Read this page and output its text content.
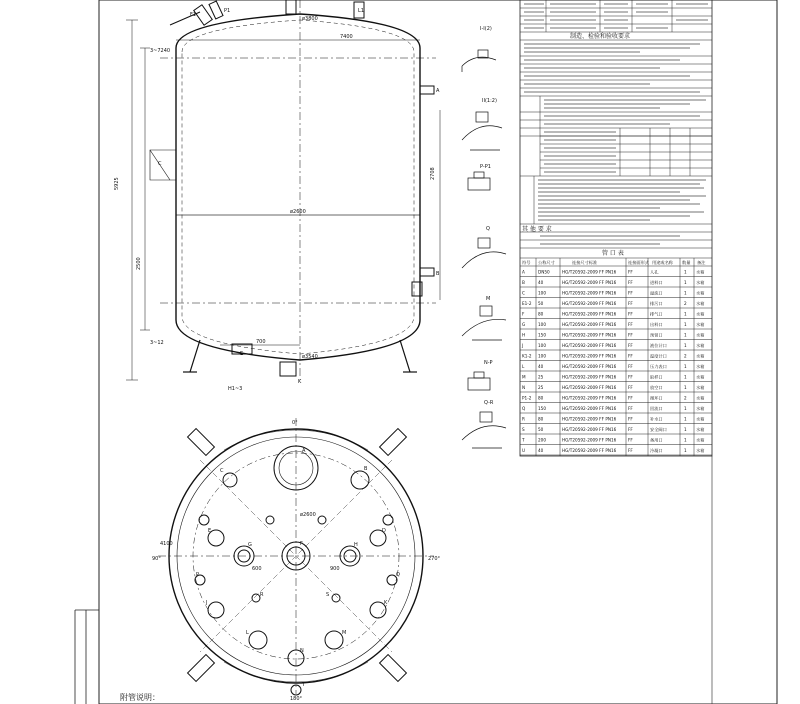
7400
ø3800
ø2600
5925
2500
3~7240
3~12
2708
700
ø3540
H1~3
F1
P1	L1
A
B
C
E
K
0°
270°
180°
90°
A
B
C
D
E
F
G	H
J	K
L	M
N
P	Q
R	S
T
ø2600
600	900
4100
附管说明：
I-I(2)
II(1:2)
P-P1
Q
M
N-P
Q-R
制造、检验和验收要求
其 他 要 求
管 口 表
符号 公称尺寸	连接尺寸标准	连接面形式 用途或名称 数量 备注
A	DN50	HG/T20592-2009 FF PN16	FF	人孔	1 水箱
B	40	HG/T20592-2009 FF PN16	FF	进料口	1 水箱
C	100	HG/T20592-2009 FF PN16	FF	溢流口	1 水箱
E1-2 50	HG/T20592-2009 FF PN16	FF	排污口	2 水箱
F	80	HG/T20592-2009 FF PN16	FF	排气口	1 水箱
G	100	HG/T20592-2009 FF PN16	FF	出料口	1 水箱
H	150	HG/T20592-2009 FF PN16	FF	预留口	1 水箱
J	100	HG/T20592-2009 FF PN16	FF	液位计口	1 水箱
K1-2 100	HG/T20592-2009 FF PN16	FF	温度计口	2 水箱
L	40	HG/T20592-2009 FF PN16	FF	压力表口	1 水箱
M	25	HG/T20592-2009 FF PN16	FF	取样口	1 水箱
N	25	HG/T20592-2009 FF PN16	FF	放空口	1 水箱
P1-2 80	HG/T20592-2009 FF PN16	FF	循环口	2 水箱
Q	150	HG/T20592-2009 FF PN16	FF	回流口	1 水箱
R	80	HG/T20592-2009 FF PN16	FF	补水口	1 水箱
S	50	HG/T20592-2009 FF PN16	FF	安全阀口	1 水箱
T	200	HG/T20592-2009 FF PN16	FF	备用口	1 水箱
U	40	HG/T20592-2009 FF PN16	FF	冷凝口	1 水箱
